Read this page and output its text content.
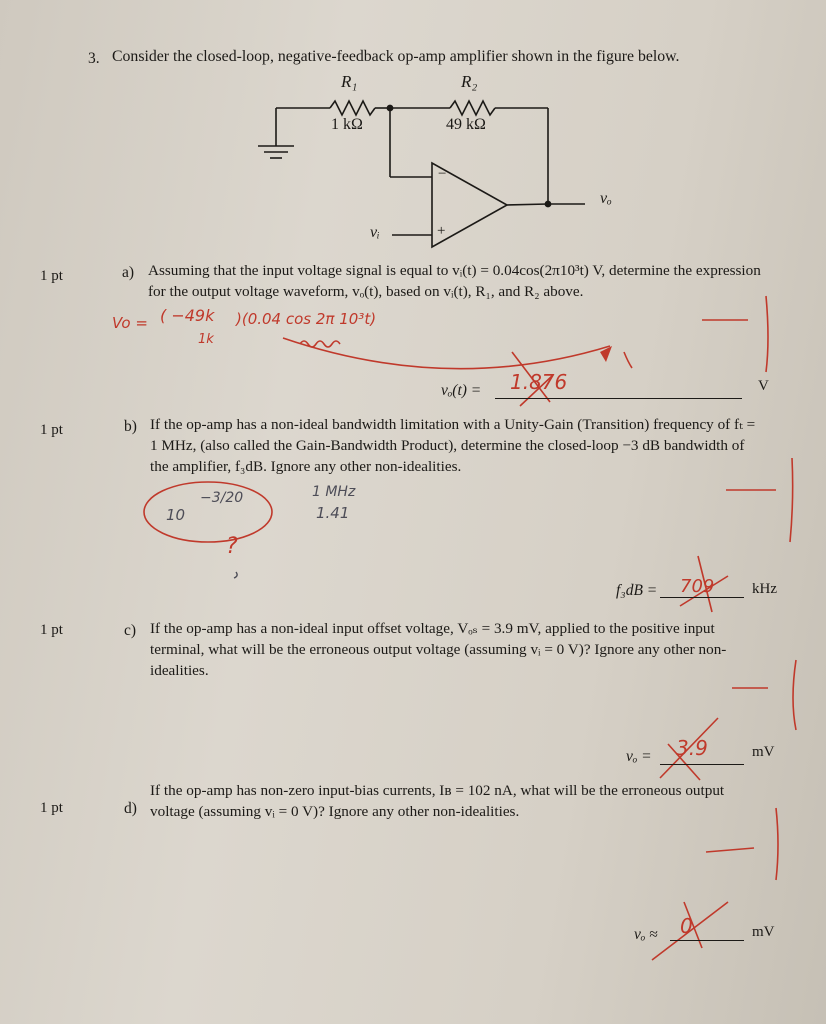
3. Consider the closed-loop, negative-feedback op-amp amplifier shown in the figure below.
R₁
1 kΩ
R₂
49 kΩ
−
+
vᵢ
vₒ
1 pt	a) Assuming that the input voltage signal is equal to vᵢ(t) = 0.04cos(2π10³t) V, determine the expression for the output voltage waveform, vₒ(t), based on vᵢ(t), R₁, and R₂ above.
Vo = ( −49k
1k
)(0.04 cos 2π 10³t)
vₒ(t) = 1.876	V
1 pt	b) If the op-amp has a non-ideal bandwidth limitation with a Unity-Gain (Transition) frequency of fₜ = 1 MHz, (also called the Gain-Bandwidth Product), determine the closed-loop −3 dB bandwidth of the amplifier, f₃dB. Ignore any other non-idealities.
10
−3/20	1 MHz
1.41
?
f₃dB = 709	kHz
1 pt	c) If the op-amp has a non-ideal input offset voltage, Vₒₛ = 3.9 mV, applied to the positive input terminal, what will be the erroneous output voltage (assuming vᵢ = 0 V)? Ignore any other non-idealities.
vₒ = 3.9	mV
1 pt	d)
If the op-amp has non-zero input-bias currents, Iʙ = 102 nA, what will be the erroneous output voltage (assuming vᵢ = 0 V)? Ignore any other non-idealities.
vₒ ≈ 0	mV
